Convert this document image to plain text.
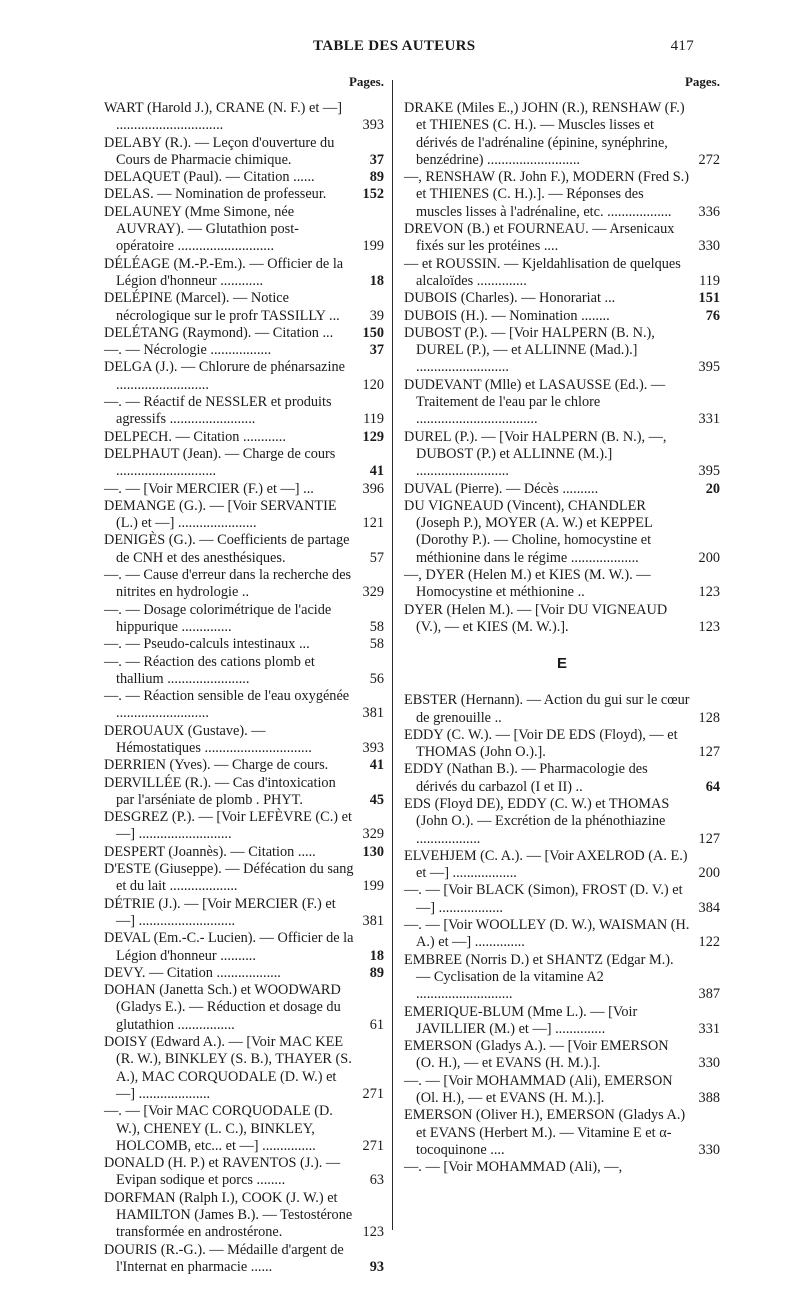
TABLE DES AUTEURS	417
Pages.
WART (Harold J.), CRANE (N. F.) et —] ..............................	393
DELABY (R.). — Leçon d'ouverture du Cours de Pharmacie chimique.	37
DELAQUET (Paul). — Citation ......	89
DELAS. — Nomination de professeur.	152
DELAUNEY (Mme Simone, née AUVRAY). — Glutathion post-opératoire ...........................	199
DÉLÉAGE (M.-P.-Em.). — Officier de la Légion d'honneur ............	18
DELÉPINE (Marcel). — Notice nécrologique sur le profr TASSILLY ...	39
DELÉTANG (Raymond). — Citation ...	150
—. — Nécrologie .................	37
DELGA (J.). — Chlorure de phénarsazine ..........................	120
—. — Réactif de NESSLER et produits agressifs ........................	119
DELPECH. — Citation ............	129
DELPHAUT (Jean). — Charge de cours ............................	41
—. — [Voir MERCIER (F.) et —] ...	396
DEMANGE (G.). — [Voir SERVANTIE (L.) et —] ......................	121
DENIGÈS (G.). — Coefficients de partage de CNH et des anesthésiques.	57
—. — Cause d'erreur dans la recherche des nitrites en hydrologie ..	329
—. — Dosage colorimétrique de l'acide hippurique ..............	58
—. — Pseudo-calculs intestinaux ...	58
—. — Réaction des cations plomb et thallium .......................	56
—. — Réaction sensible de l'eau oxygénée ..........................	381
DEROUAUX (Gustave). — Hémostatiques ..............................	393
DERRIEN (Yves). — Charge de cours.	41
DERVILLÉE (R.). — Cas d'intoxication par l'arséniate de plomb . PHYT.	45
DESGREZ (P.). — [Voir LEFÈVRE (C.) et —] ..........................	329
DESPERT (Joannès). — Citation .....	130
D'ESTE (Giuseppe). — Défécation du sang et du lait ...................	199
DÉTRIE (J.). — [Voir MERCIER (F.) et —] ...........................	381
DEVAL (Em.-C.- Lucien). — Officier de la Légion d'honneur ..........	18
DEVY. — Citation ..................	89
DOHAN (Janetta Sch.) et WOODWARD (Gladys E.). — Réduction et dosage du glutathion ................	61
DOISY (Edward A.). — [Voir MAC KEE (R. W.), BINKLEY (S. B.), THAYER (S. A.), MAC CORQUODALE (D. W.) et —] ....................	271
—. — [Voir MAC CORQUODALE (D. W.), CHENEY (L. C.), BINKLEY, HOLCOMB, etc... et —] ...............	271
DONALD (H. P.) et RAVENTOS (J.). — Evipan sodique et porcs ........	63
DORFMAN (Ralph I.), COOK (J. W.) et HAMILTON (James B.). — Testostérone transformée en androstérone.	123
DOURIS (R.-G.). — Médaille d'argent de l'Internat en pharmacie ......	93
Pages.
DRAKE (Miles E.,) JOHN (R.), RENSHAW (F.) et THIENES (C. H.). — Muscles lisses et dérivés de l'adrénaline (épinine, synéphrine, benzédrine) ..........................	272
—, RENSHAW (R. John F.), MODERN (Fred S.) et THIENES (C. H.).]. — Réponses des muscles lisses à l'adrénaline, etc. ..................	336
DREVON (B.) et FOURNEAU. — Arsenicaux fixés sur les protéines ....	330
— et ROUSSIN. — Kjeldahlisation de quelques alcaloïdes ..............	119
DUBOIS (Charles). — Honorariat ...	151
DUBOIS (H.). — Nomination ........	76
DUBOST (P.). — [Voir HALPERN (B. N.), DUREL (P.), — et ALLINNE (Mad.).] ..........................	395
DUDEVANT (Mlle) et LASAUSSE (Ed.). — Traitement de l'eau par le chlore ..................................	331
DUREL (P.). — [Voir HALPERN (B. N.), —, DUBOST (P.) et ALLINNE (M.).] ..........................	395
DUVAL (Pierre). — Décès ..........	20
DU VIGNEAUD (Vincent), CHANDLER (Joseph P.), MOYER (A. W.) et KEPPEL (Dorothy P.). — Choline, homocystine et méthionine dans le régime ...................	200
—, DYER (Helen M.) et KIES (M. W.). — Homocystine et méthionine ..	123
DYER (Helen M.). — [Voir DU VIGNEAUD (V.), — et KIES (M. W.).].	123
E
EBSTER (Hernann). — Action du gui sur le cœur de grenouille ..	128
EDDY (C. W.). — [Voir DE EDS (Floyd), — et THOMAS (John O.).].	127
EDDY (Nathan B.). — Pharmacologie des dérivés du carbazol (I et II) ..	64
EDS (Floyd DE), EDDY (C. W.) et THOMAS (John O.). — Excrétion de la phénothiazine ..................	127
ELVEHJEM (C. A.). — [Voir AXELROD (A. E.) et —] ..................	200
—. — [Voir BLACK (Simon), FROST (D. V.) et —] ..................	384
—. — [Voir WOOLLEY (D. W.), WAISMAN (H. A.) et —] ..............	122
EMBREE (Norris D.) et SHANTZ (Edgar M.). — Cyclisation de la vitamine A2 ...........................	387
EMERIQUE-BLUM (Mme L.). — [Voir JAVILLIER (M.) et —] ..............	331
EMERSON (Gladys A.). — [Voir EMERSON (O. H.), — et EVANS (H. M.).].	330
—. — [Voir MOHAMMAD (Ali), EMERSON (Ol. H.), — et EVANS (H. M.).].	388
EMERSON (Oliver H.), EMERSON (Gladys A.) et EVANS (Herbert M.). — Vitamine E et α-tocoquinone ....	330
—. — [Voir MOHAMMAD (Ali), —,
